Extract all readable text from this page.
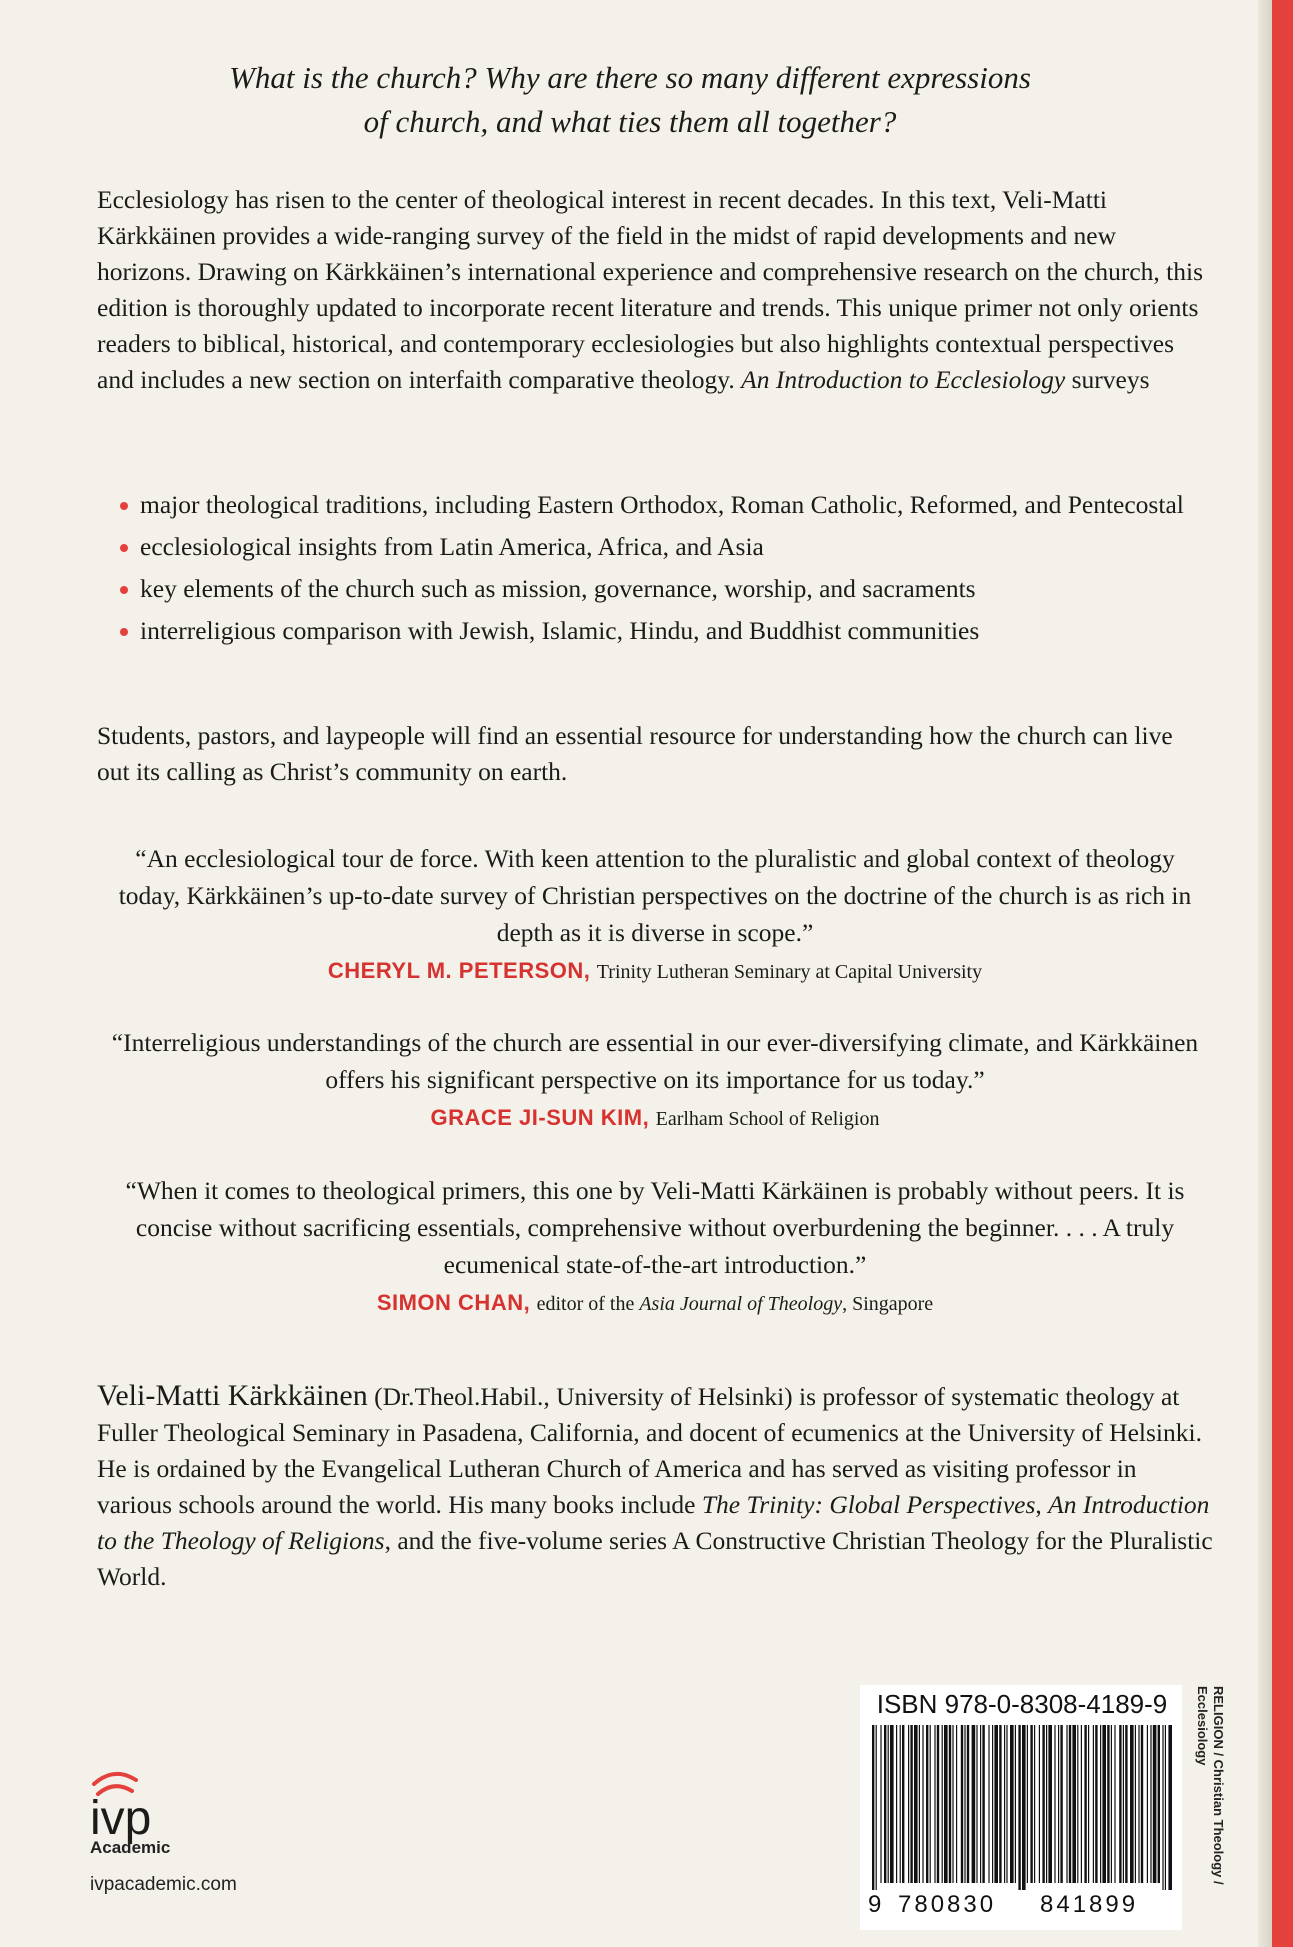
What is the church? Why are there so many different expressions
of church, and what ties them all together?

Ecclesiology has risen to the center of theological interest in recent decades. In this text, Veli-Matti Kärkkäinen provides a wide-ranging survey of the field in the midst of rapid developments and new horizons. Drawing on Kärkkäinen’s international experience and comprehensive research on the church, this edition is thoroughly updated to incorporate recent literature and trends. This unique primer not only orients readers to biblical, historical, and contemporary ecclesiologies but also highlights contextual perspectives and includes a new section on interfaith comparative theology. An Introduction to Ecclesiology surveys

major theological traditions, including Eastern Orthodox, Roman Catholic, Reformed, and Pentecostal
ecclesiological insights from Latin America, Africa, and Asia
key elements of the church such as mission, governance, worship, and sacraments
interreligious comparison with Jewish, Islamic, Hindu, and Buddhist communities

Students, pastors, and laypeople will find an essential resource for understanding how the church can live out its calling as Christ’s community on earth.

“An ecclesiological tour de force. With keen attention to the pluralistic and global context of theology today, Kärkkäinen’s up-to-date survey of Christian perspectives on the doctrine of the church is as rich in depth as it is diverse in scope.”
CHERYL M. PETERSON, Trinity Lutheran Seminary at Capital University
“Interreligious understandings of the church are essential in our ever-diversifying climate, and Kärkkäinen offers his significant perspective on its importance for us today.”
GRACE JI-SUN KIM, Earlham School of Religion
“When it comes to theological primers, this one by Veli-Matti Kärkäinen is probably without peers. It is concise without sacrificing essentials, comprehensive without overburdening the beginner. . . . A truly ecumenical state-of-the-art introduction.”
SIMON CHAN, editor of the Asia Journal of Theology, Singapore

Veli-Matti Kärkkäinen (Dr.Theol.Habil., University of Helsinki) is professor of systematic theology at Fuller Theological Seminary in Pasadena, California, and docent of ecumenics at the University of Helsinki. He is ordained by the Evangelical Lutheran Church of America and has served as visiting professor in various schools around the world. His many books include The Trinity: Global Perspectives, An Introduction to the Theology of Religions, and the five-volume series A Constructive Christian Theology for the Pluralistic World.

ivp
Academic
ivpacademic.com
ISBN 978-0-8308-4189-9
9 780830 841899
RELIGION / Christian Theology /
Ecclesiology
